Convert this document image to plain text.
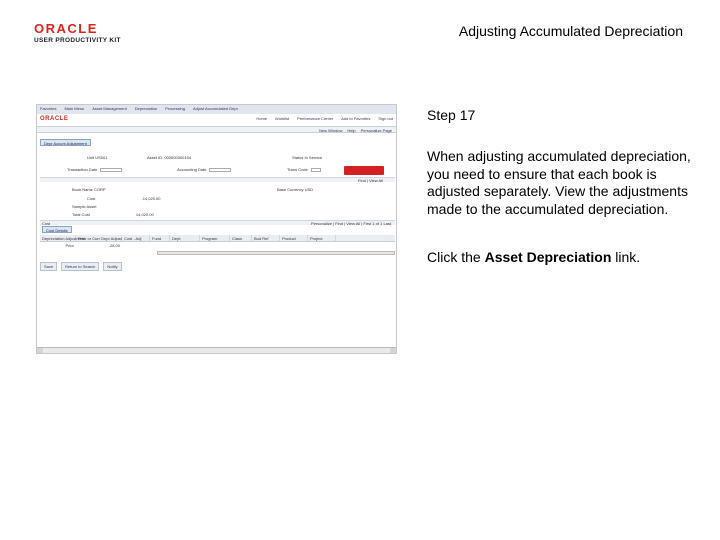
ORACLE
USER PRODUCTIVITY KIT
Adjusting Accumulated Depreciation
Favorites Main Menu Asset Management Depreciation Processing Adjust Accumulated Depr
ORACLE	Home Worklist Performance Center Add to Favorites Sign out
New Window Help Personalize Page
Depr Accum Adjustment
Unit US001	Asset ID: 000000000154	Status In Service
Transaction Date	Accounting Date	Trans Code
Find | View All
Book Name CORP	Base Currency USD
Cost	-14,020.00
Sample Asset
Total Cost	14,020.00
Cost	Personalize | Find | View All | First 1 of 1 Last
Cost Details
Depreciation Adjustment
Prior or Curr Depr Adjust Cost - Adj	Fund	Dept	Program	Class	Bud Ref	Product	Project
Prior	-28.00
Save	Return to Search	Notify
Step 17
When adjusting accumulated depreciation, you need to ensure that each book is adjusted separately. View the adjustments made to the accumulated depreciation.
Click the Asset Depreciation link.
